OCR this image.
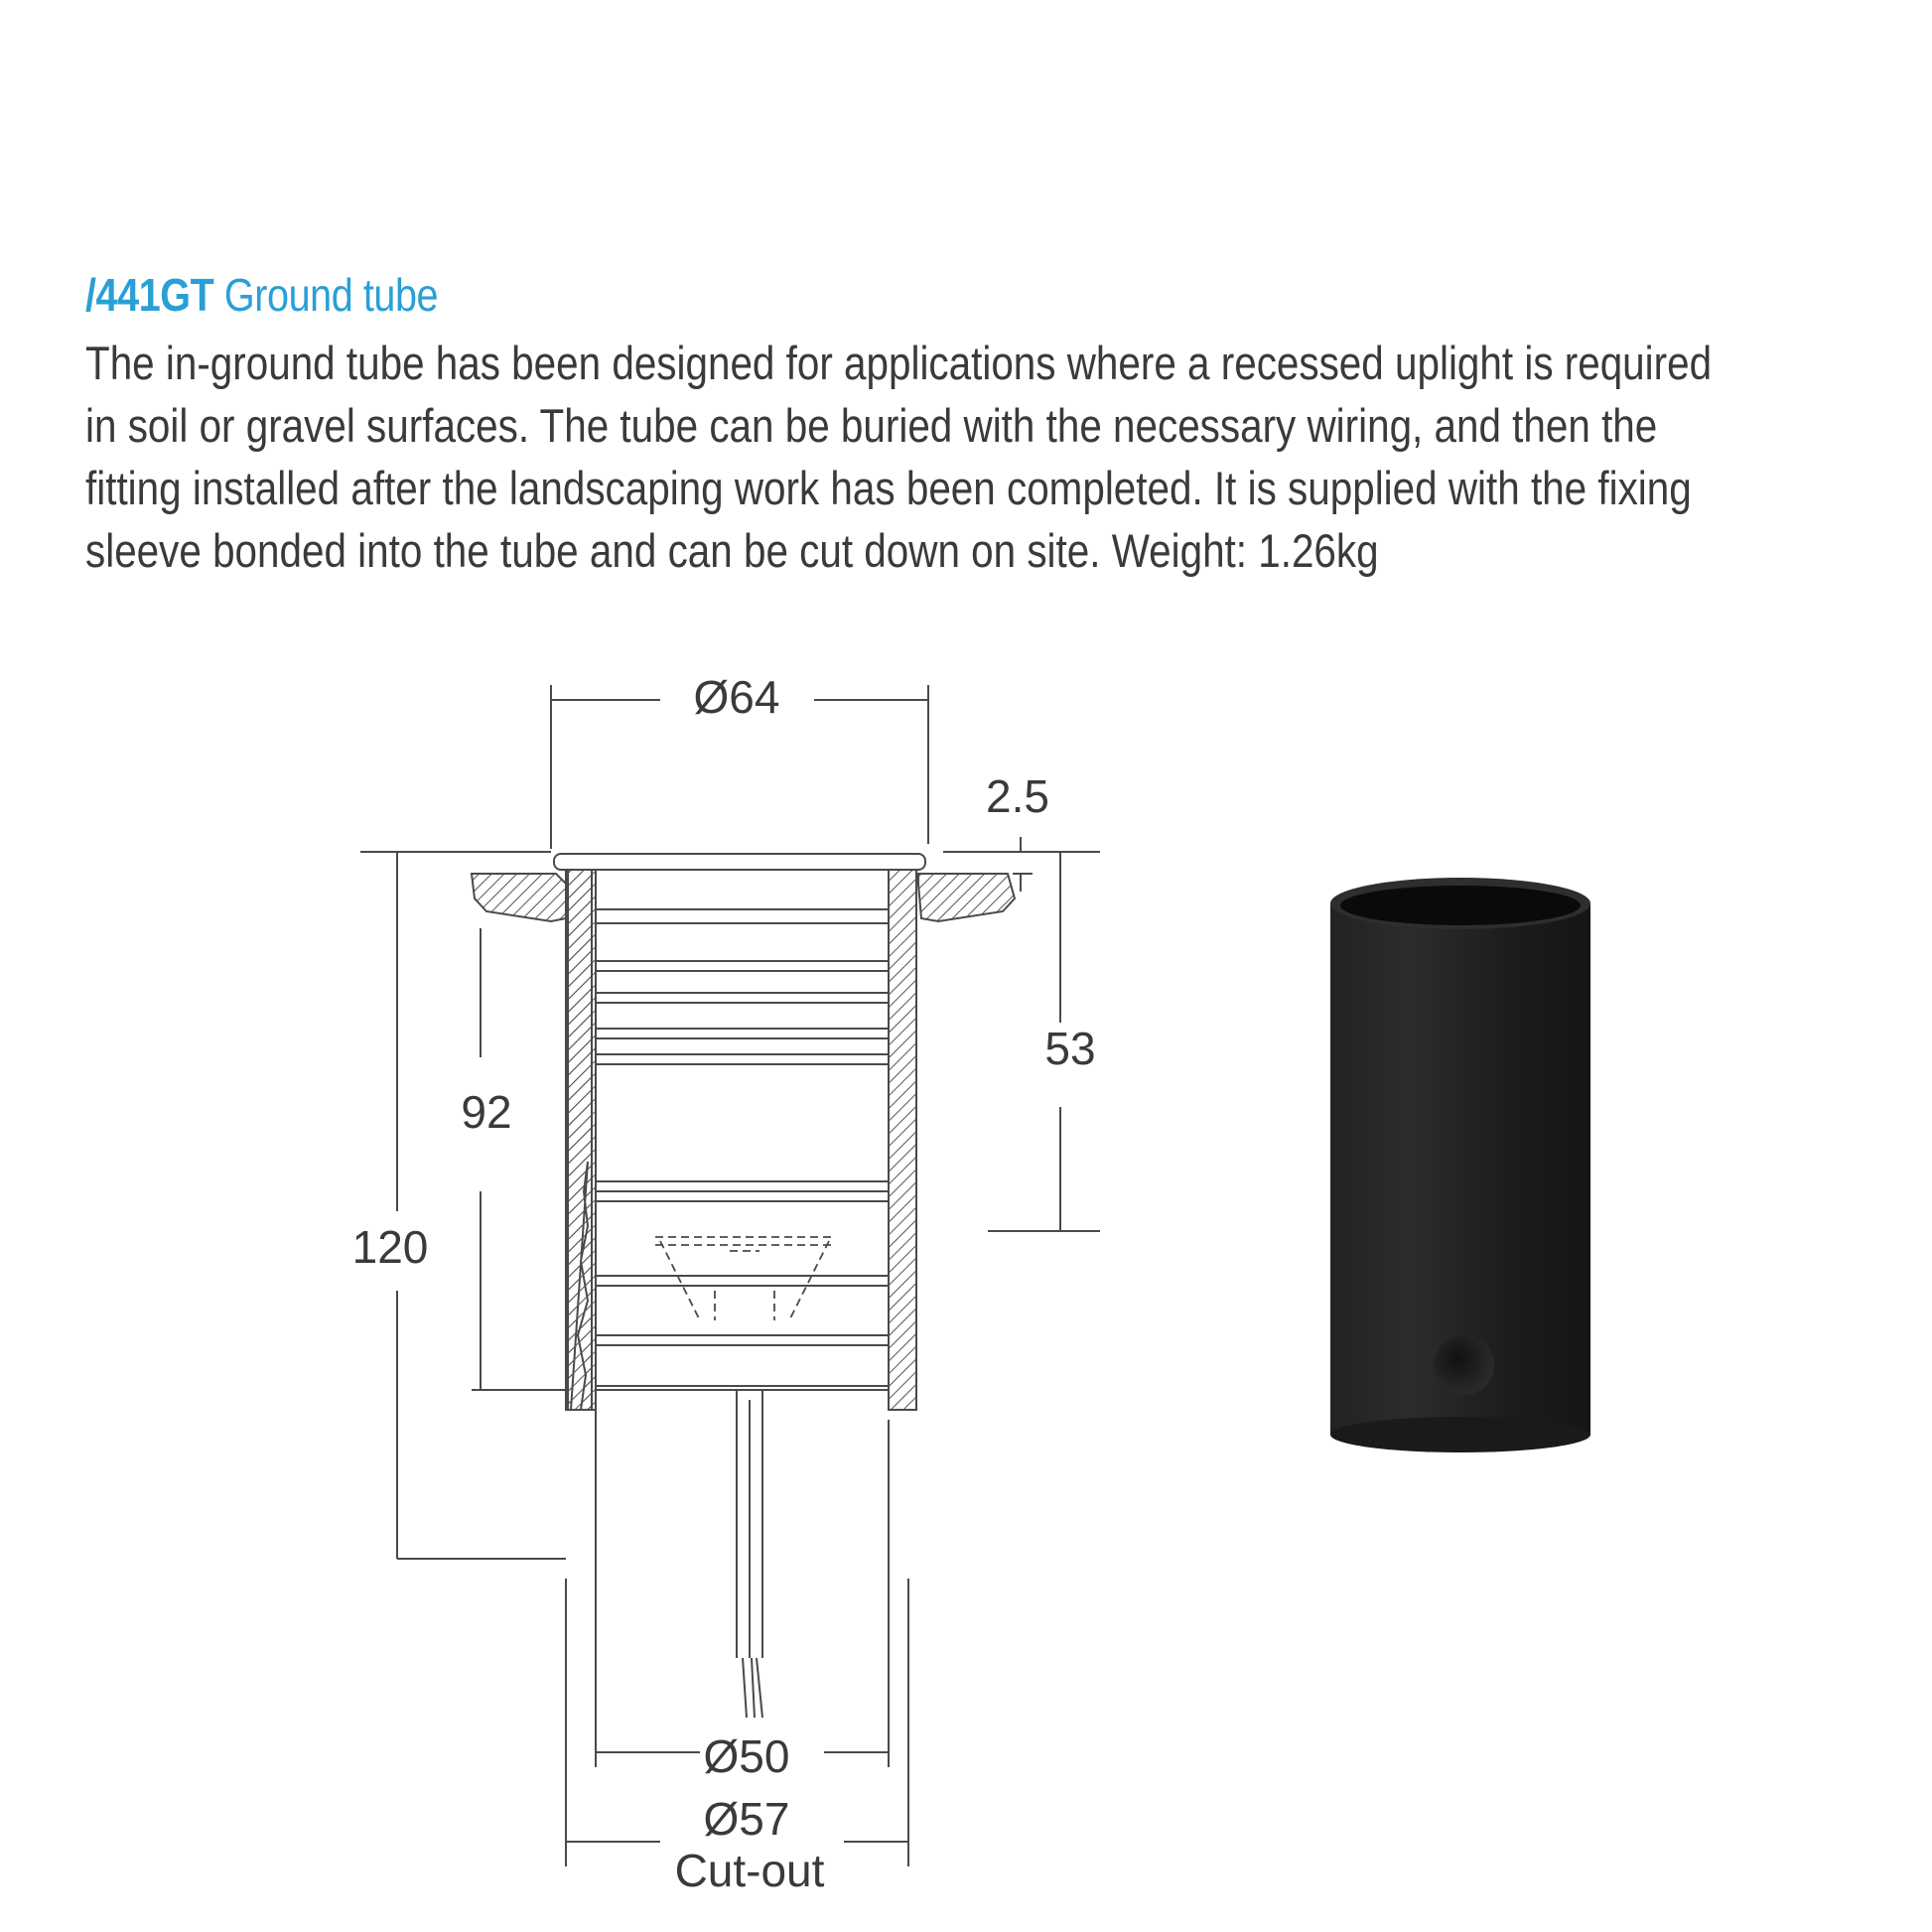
/441GT Ground tube

The in-ground tube has been designed for applications where a recessed uplight is required
in soil or gravel surfaces. The tube can be buried with the necessary wiring, and then the
fitting installed after the landscaping work has been completed. It is supplied with the fixing
sleeve bonded into the tube and can be cut down on site. Weight: 1.26kg

Ø64
2.5
53
92
120
Ø50
Ø57
Cut-out
